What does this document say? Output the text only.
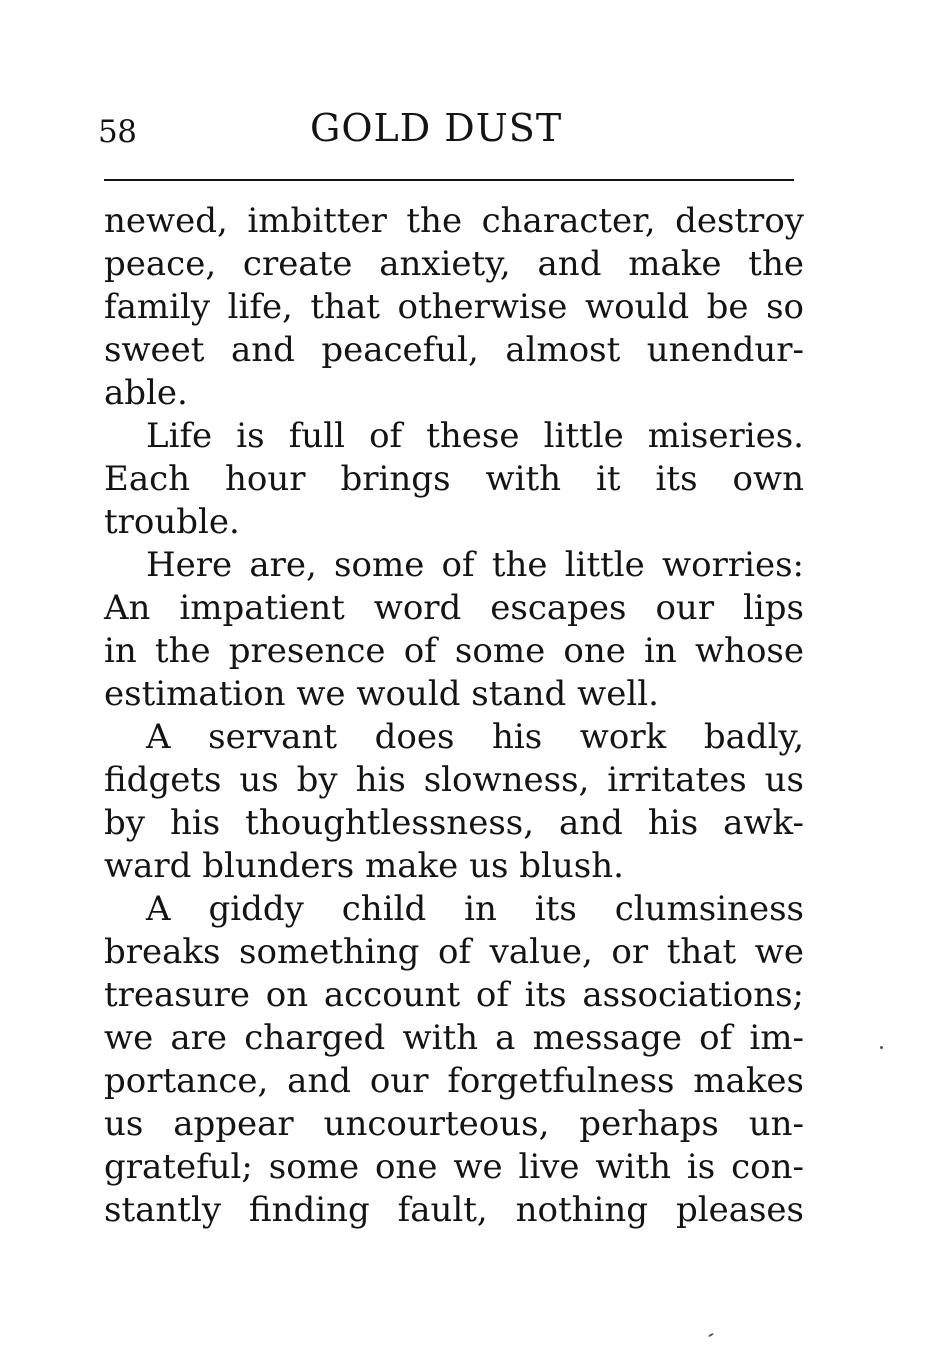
58	GOLD DUST
newed, imbitter the character, destroy
peace, create anxiety, and make the
family life, that otherwise would be so
sweet and peaceful, almost unendur-
able.
Life is full of these little miseries.
Each hour brings with it its own
trouble.
Here are, some of the little worries:
An impatient word escapes our lips
in the presence of some one in whose
estimation we would stand well.
A servant does his work badly,
fidgets us by his slowness, irritates us
by his thoughtlessness, and his awk-
ward blunders make us blush.
A giddy child in its clumsiness
breaks something of value, or that we
treasure on account of its associations;
we are charged with a message of im-
portance, and our forgetfulness makes
us appear uncourteous, perhaps un-
grateful; some one we live with is con-
stantly finding fault, nothing pleases
